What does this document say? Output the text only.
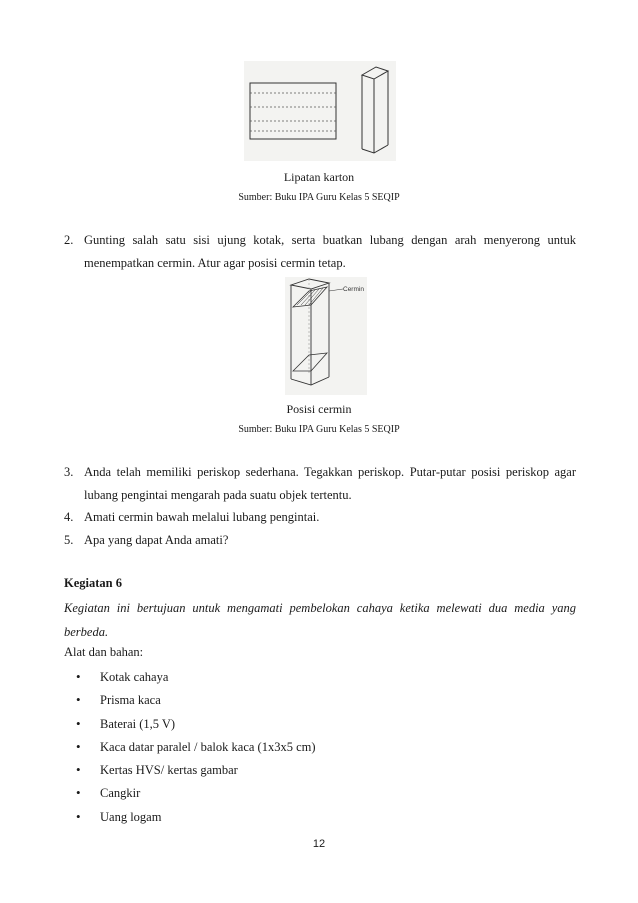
Lipatan karton
Sumber: Buku IPA Guru Kelas 5 SEQIP
2. Gunting salah satu sisi ujung kotak, serta buatkan lubang dengan arah menyerong untuk menempatkan cermin. Atur agar posisi cermin tetap.
Cermin
Posisi cermin
Sumber: Buku IPA Guru Kelas 5 SEQIP
3. Anda telah memiliki periskop sederhana. Tegakkan periskop. Putar-putar posisi periskop agar lubang pengintai mengarah pada suatu objek tertentu.
4. Amati cermin bawah melalui lubang pengintai.
5. Apa yang dapat Anda amati?
Kegiatan 6
Kegiatan ini bertujuan untuk mengamati pembelokan cahaya ketika melewati dua media yang berbeda.
Alat dan bahan:
• Kotak cahaya
• Prisma kaca
• Baterai (1,5 V)
• Kaca datar paralel / balok kaca (1x3x5 cm)
• Kertas HVS/ kertas gambar
• Cangkir
• Uang logam
12
